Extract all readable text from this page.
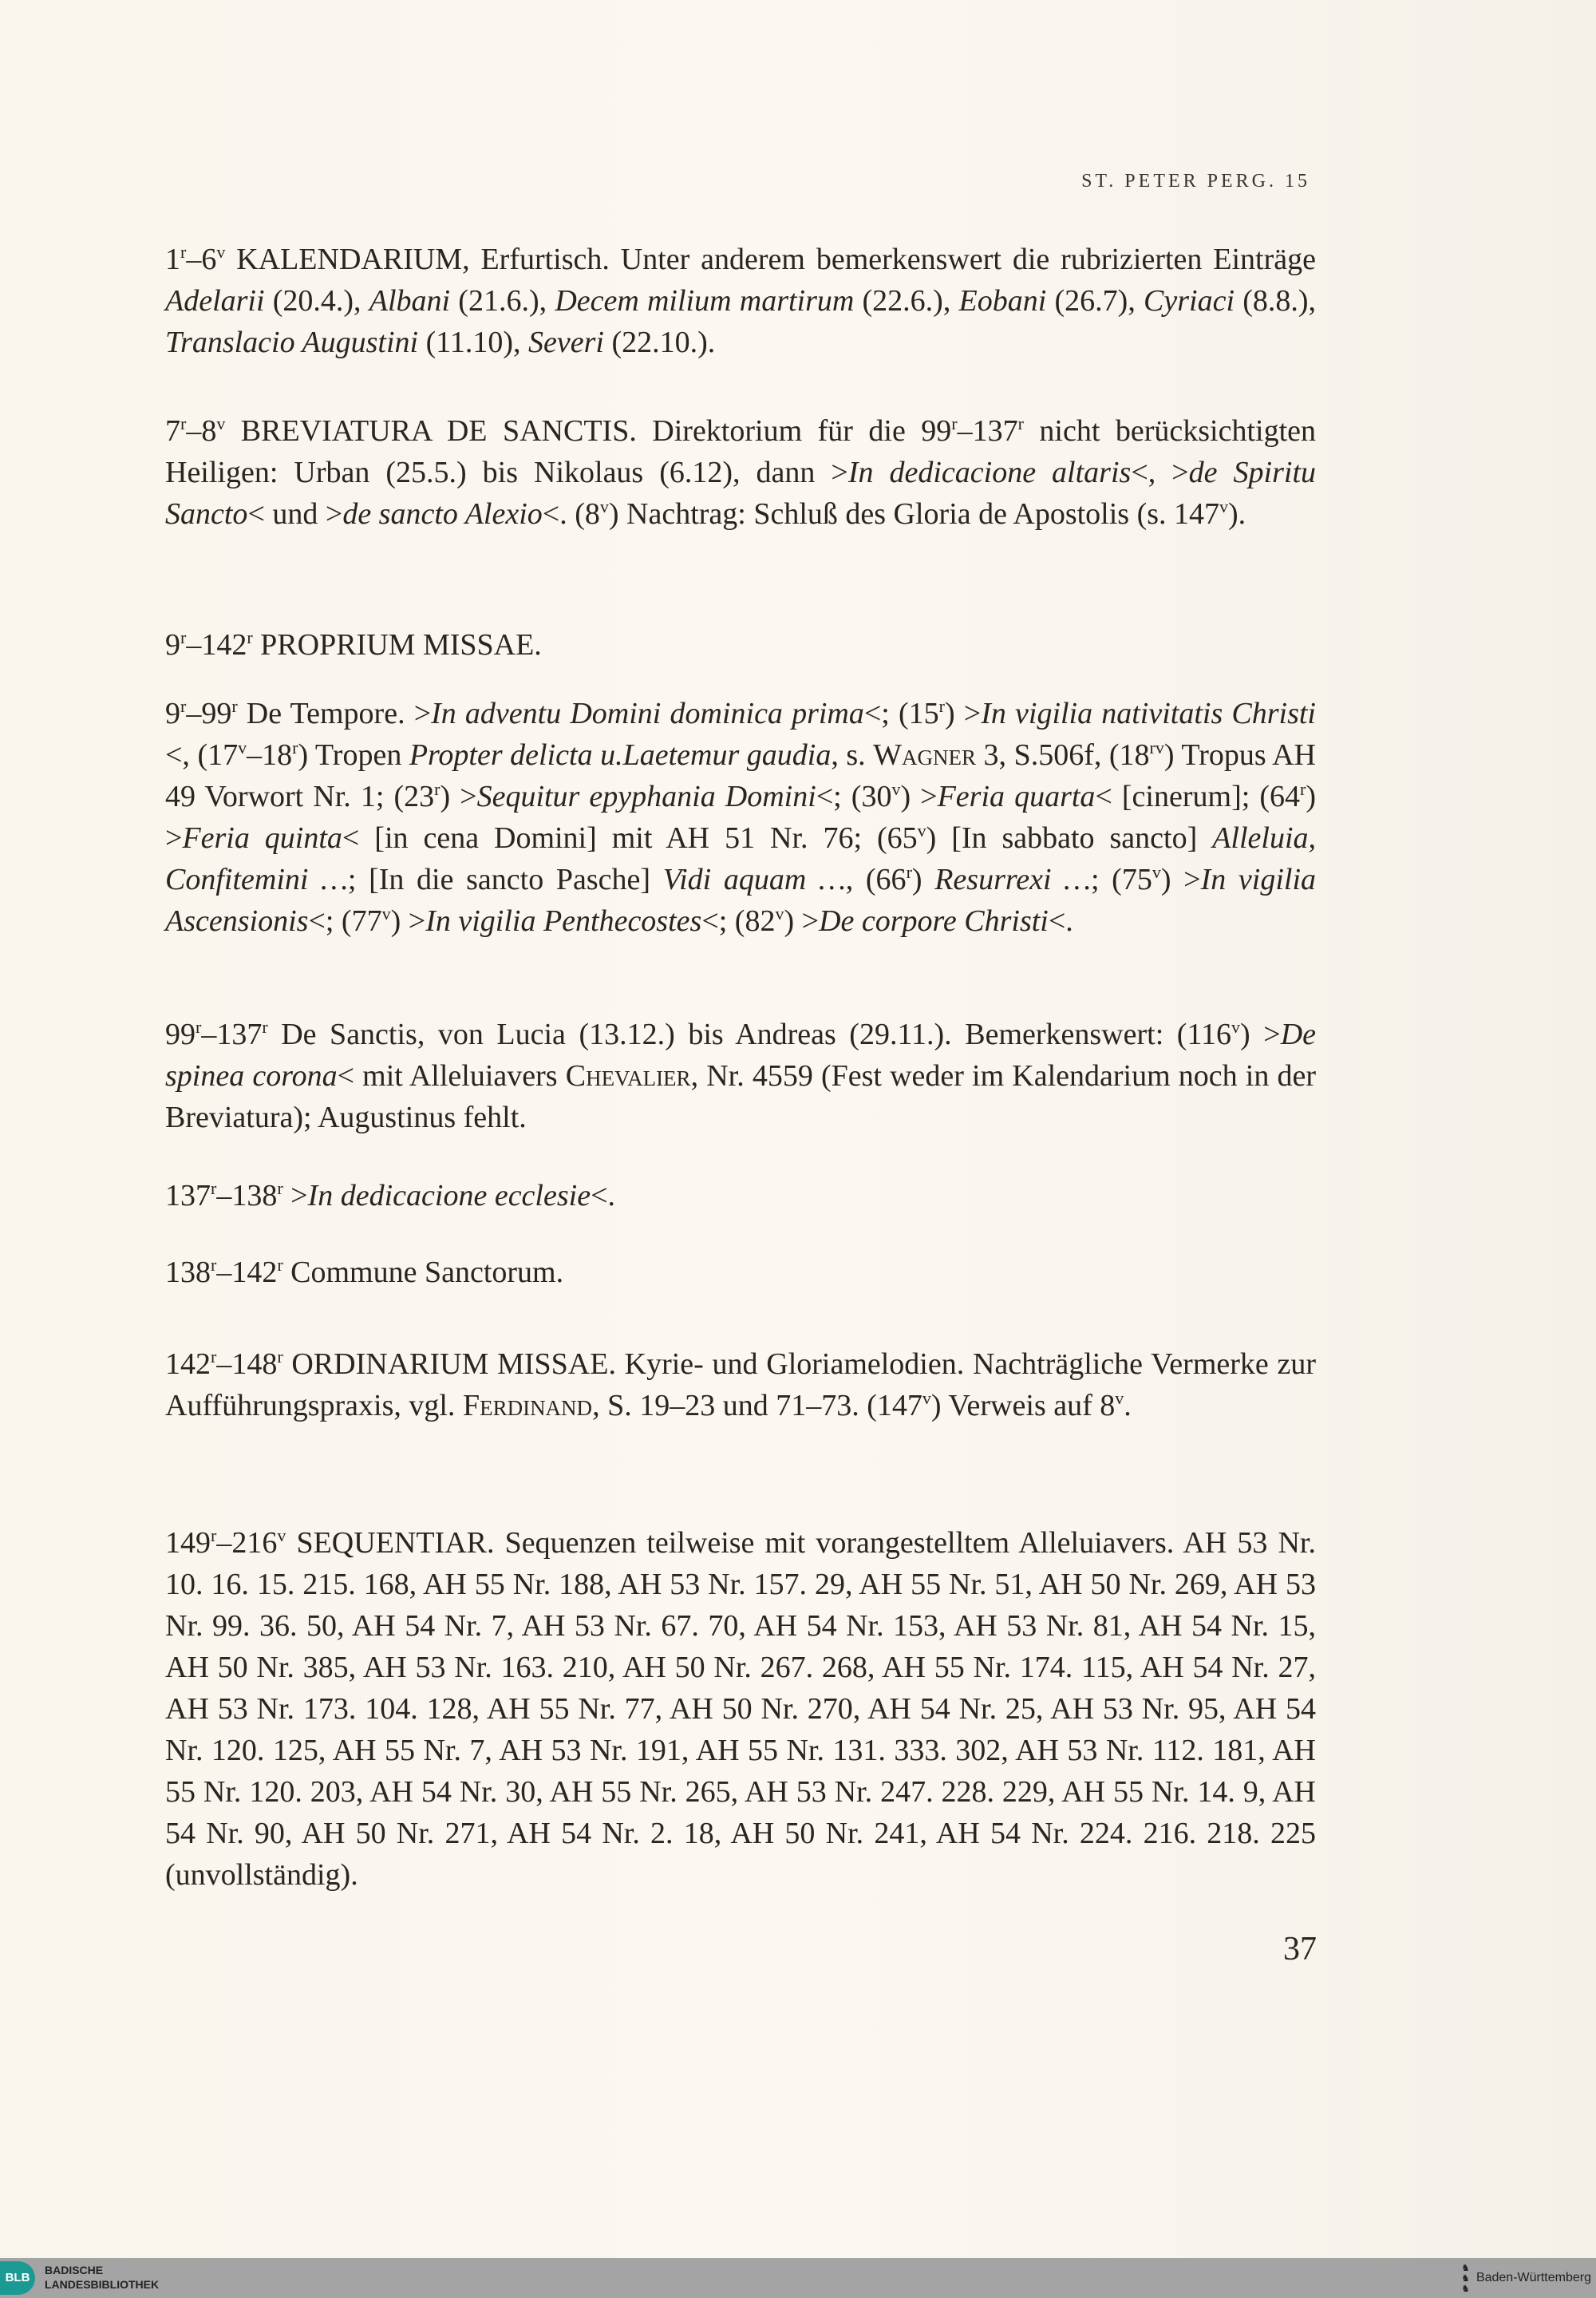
ST. PETER PERG. 15
1$^r$–6$^v$ KALENDARIUM, Erfurtisch. Unter anderem bemerkenswert die rubrizierten Einträge Adelarii (20.4.), Albani (21.6.), Decem milium martirum (22.6.), Eobani (26.7), Cyriaci (8.8.), Translacio Augustini (11.10), Severi (22.10.).
7$^r$–8$^v$ BREVIATURA DE SANCTIS. Direktorium für die 99$^r$–137$^r$ nicht berücksichtigten Heiligen: Urban (25.5.) bis Nikolaus (6.12), dann >In dedicacione altaris<, >de Spiritu Sancto< und >de sancto Alexio<. (8$^v$) Nachtrag: Schluß des Gloria de Apostolis (s. 147$^v$).
9$^r$–142$^r$ PROPRIUM MISSAE.
9$^r$–99$^r$ De Tempore. >In adventu Domini dominica prima<; $(15^r) >In$ vigilia nativitatis Christi <, (17$^v$–18$^r$) Tropen Propter delicta u.Laetemur gaudia, s. Wagner 3, S.506f, $(18^{rv})$ Tropus AH 49 Vorwort Nr. 1; $(23^r)$ >Sequitur epyphania Domini<; $(30^v)$ >Feria quarta< [cinerum]; $(64^r)$ >Feria quinta< [in cena Domini] mit AH 51 Nr. 76; (65$^v$) [In sabbato sancto] Alleluia, Confitemini …; [In die sancto Pasche] Vidi aquam …, (66$^r$) Resurrexi …; $(75^v) >In$ vigilia Ascensionis<; $(77^v) >In$ vigilia Penthecostes<; $(82^v) >De$ corpore Christi<.
99$^r$–137$^r$ De Sanctis, von Lucia (13.12.) bis Andreas (29.11.). Bemerkenswert: $(116^v) >De$ spinea corona< mit Alleluiavers Chevalier, Nr. 4559 (Fest weder im Kalendarium noch in der Breviatura); Augustinus fehlt.
$137^r-138^r >In$ dedicacione ecclesie<.
138$^r$–142$^r$ Commune Sanctorum.
142$^r$–148$^r$ ORDINARIUM MISSAE. Kyrie- und Gloriamelodien. Nachträgliche Vermerke zur Aufführungspraxis, vgl. Ferdinand, S. 19–23 und 71–73. (147$^v$) Verweis auf 8$^v$.
149$^r$–216$^v$ SEQUENTIAR. Sequenzen teilweise mit vorangestelltem Alleluiavers. AH 53 Nr. 10. 16. 15. 215. 168, AH 55 Nr. 188, AH 53 Nr. 157. 29, AH 55 Nr. 51, AH 50 Nr. 269, AH 53 Nr. 99. 36. 50, AH 54 Nr. 7, AH 53 Nr. 67. 70, AH 54 Nr. 153, AH 53 Nr. 81, AH 54 Nr. 15, AH 50 Nr. 385, AH 53 Nr. 163. 210, AH 50 Nr. 267. 268, AH 55 Nr. 174. 115, AH 54 Nr. 27, AH 53 Nr. 173. 104. 128, AH 55 Nr. 77, AH 50 Nr. 270, AH 54 Nr. 25, AH 53 Nr. 95, AH 54 Nr. 120. 125, AH 55 Nr. 7, AH 53 Nr. 191, AH 55 Nr. 131. 333. 302, AH 53 Nr. 112. 181, AH 55 Nr. 120. 203, AH 54 Nr. 30, AH 55 Nr. 265, AH 53 Nr. 247. 228. 229, AH 55 Nr. 14. 9, AH 54 Nr. 90, AH 50 Nr. 271, AH 54 Nr. 2. 18, AH 50 Nr. 241, AH 54 Nr. 224. 216. 218. 225 (unvollständig).
37
BLB
BADISCHE
LANDESBIBLIOTHEK
♞
♞
♞
Baden-Württemberg
